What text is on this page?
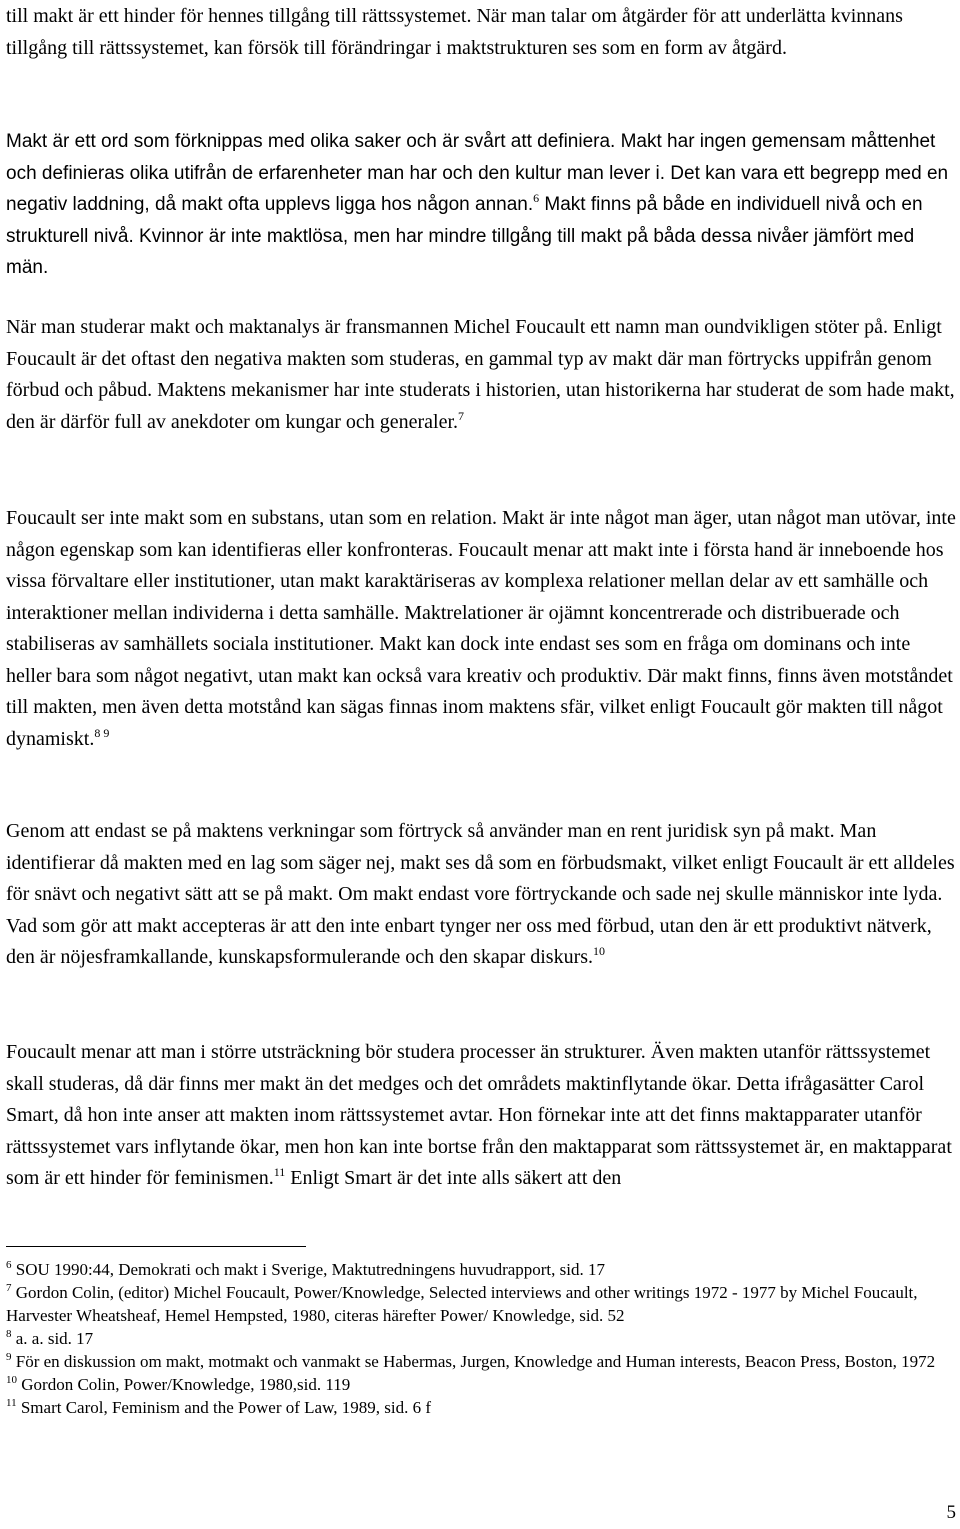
till makt är ett hinder för hennes tillgång till rättssystemet. När man talar om åtgärder för att underlätta kvinnans tillgång till rättssystemet, kan försök till förändringar i maktstrukturen ses som en form av åtgärd.

Makt är ett ord som förknippas med olika saker och är svårt att definiera. Makt har ingen gemensam måttenhet och definieras olika utifrån de erfarenheter man har och den kultur man lever i. Det kan vara ett begrepp med en negativ laddning, då makt ofta upplevs ligga hos någon annan.$^6$ Makt finns på både en individuell nivå och en strukturell nivå. Kvinnor är inte maktlösa, men har mindre tillgång till makt på båda dessa nivåer jämfört med män.

När man studerar makt och maktanalys är fransmannen Michel Foucault ett namn man oundvikligen stöter på. Enligt Foucault är det oftast den negativa makten som studeras, en gammal typ av makt där man förtrycks uppifrån genom förbud och påbud. Maktens mekanismer har inte studerats i historien, utan historikerna har studerat de som hade makt, den är därför full av anekdoter om kungar och generaler.$^7$

Foucault ser inte makt som en substans, utan som en relation. Makt är inte något man äger, utan något man utövar, inte någon egenskap som kan identifieras eller konfronteras. Foucault menar att makt inte i första hand är inneboende hos vissa förvaltare eller institutioner, utan makt karaktäriseras av komplexa relationer mellan delar av ett samhälle och interaktioner mellan individerna i detta samhälle. Maktrelationer är ojämnt koncentrerade och distribuerade och stabiliseras av samhällets sociala institutioner. Makt kan dock inte endast ses som en fråga om dominans och inte heller bara som något negativt, utan makt kan också vara kreativ och produktiv. Där makt finns, finns även motståndet till makten, men även detta motstånd kan sägas finnas inom maktens sfär, vilket enligt Foucault gör makten till något dynamiskt.$^{8 9}$

Genom att endast se på maktens verkningar som förtryck så använder man en rent juridisk syn på makt. Man identifierar då makten med en lag som säger nej, makt ses då som en förbudsmakt, vilket enligt Foucault är ett alldeles för snävt och negativt sätt att se på makt. Om makt endast vore förtryckande och sade nej skulle människor inte lyda. Vad som gör att makt accepteras är att den inte enbart tynger ner oss med förbud, utan den är ett produktivt nätverk, den är nöjesframkallande, kunskapsformulerande och den skapar diskurs.$^{10}$

Foucault menar att man i större utsträckning bör studera processer än strukturer. Även makten utanför rättssystemet skall studeras, då där finns mer makt än det medges och det områdets maktinflytande ökar. Detta ifrågasätter Carol Smart, då hon inte anser att makten inom rättssystemet avtar. Hon förnekar inte att det finns maktapparater utanför rättssystemet vars inflytande ökar, men hon kan inte bortse från den maktapparat som rättssystemet är, en maktapparat som är ett hinder för feminismen.$^{11}$ Enligt Smart är det inte alls säkert att den

$^6$ SOU 1990:44, Demokrati och makt i Sverige, Maktutredningens huvudrapport, sid. 17

$^7$ Gordon Colin, (editor) Michel Foucault, Power/Knowledge, Selected interviews and other writings 1972 - 1977 by Michel Foucault, Harvester Wheatsheaf, Hemel Hempsted, 1980, citeras härefter Power/ Knowledge, sid. 52

$^8$ a. a. sid. 17

$^9$ För en diskussion om makt, motmakt och vanmakt se Habermas, Jurgen, Knowledge and Human interests, Beacon Press, Boston, 1972

$^{10}$ Gordon Colin, Power/Knowledge, 1980,sid. 119

$^{11}$ Smart Carol, Feminism and the Power of Law, 1989, sid. 6 f

5
